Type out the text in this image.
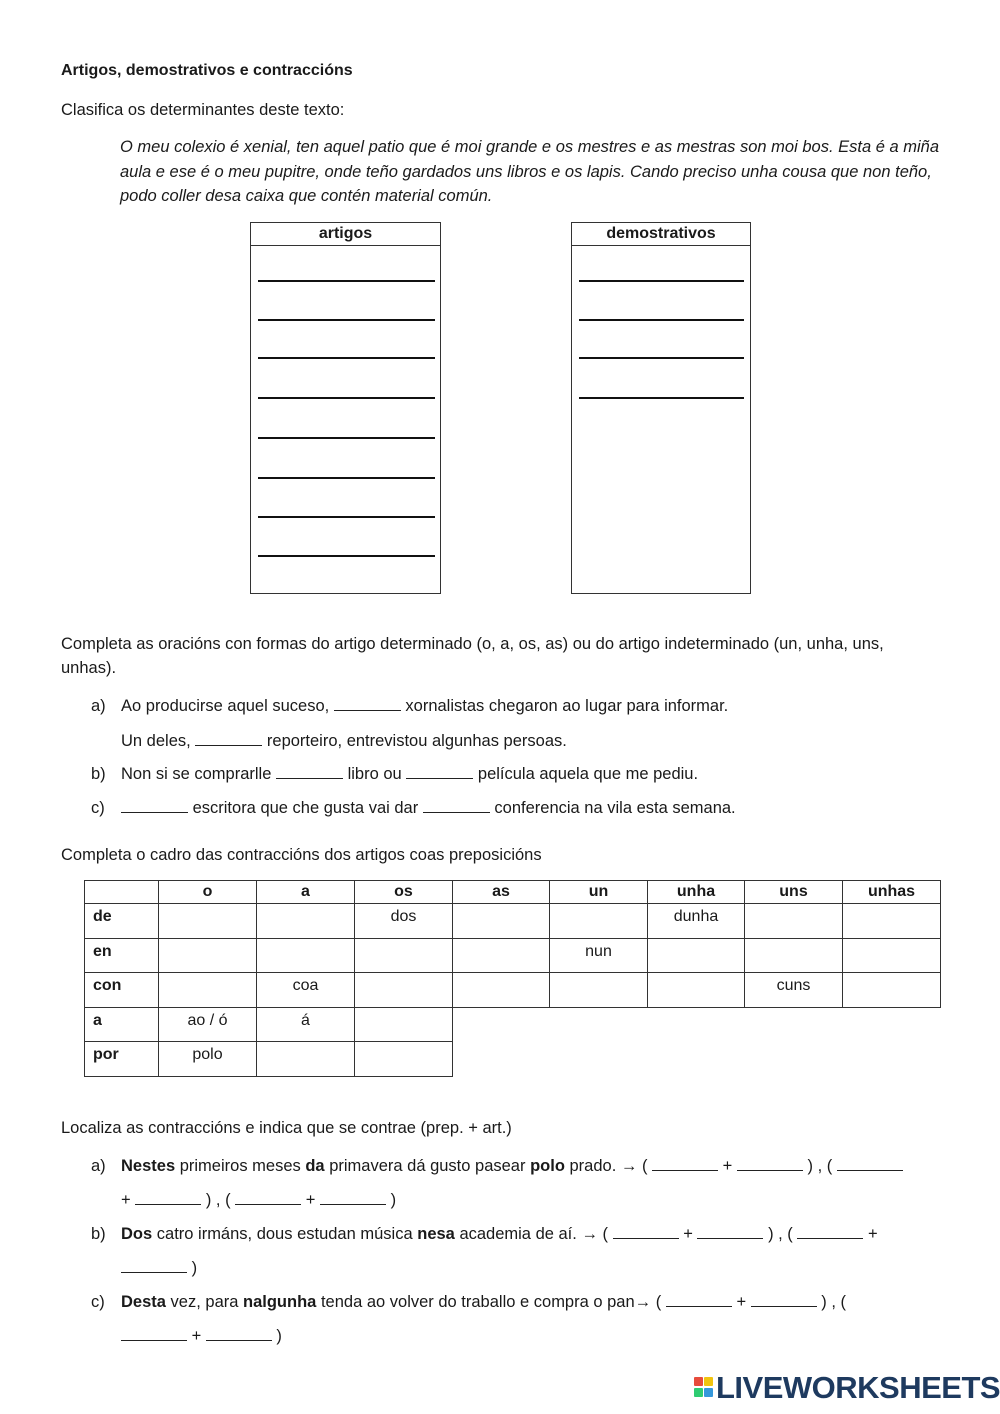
Artigos, demostrativos e contraccións
Clasifica os determinantes deste texto:
O meu colexio é xenial, ten aquel patio que é moi grande e os mestres e as mestras son moi bos. Esta é a miña aula e ese é o meu pupitre, onde teño gardados uns libros e os lapis. Cando preciso unha cousa que non teño, podo coller desa caixa que contén material común.
artigos	demostrativos
Completa as oracións con formas do artigo determinado (o, a, os, as) ou do artigo indeterminado (un, unha, uns, unhas).
a) Ao producirse aquel suceso,	xornalistas chegaron ao lugar para informar.
Un deles,	reporteiro, entrevistou algunhas persoas.
b) Non si se comprarlle	libro ou	película aquela que me pediu.
c)	escritora que che gusta vai dar	conferencia na vila esta semana.
Completa o cadro das contraccións dos artigos coas preposicións
	o	a	os	as	un	unha	uns	unhas
de			dos			dunha		
en					nun			
con		coa					cuns	
a	ao / ó	á						
por	polo							
Localiza as contraccións e indica que se contrae (prep. + art.)
a) Nestes primeiros meses da primavera dá gusto pasear polo prado. → (	+	) , (
+	) , (	+	)
b) Dos catro irmáns, dous estudan música nesa academia de aí. → (	+	) , (	+
)
c) Desta vez, para nalgunha tenda ao volver do traballo e compra o pan→ (	+	) , (
+	)
LIVEWORKSHEETS
